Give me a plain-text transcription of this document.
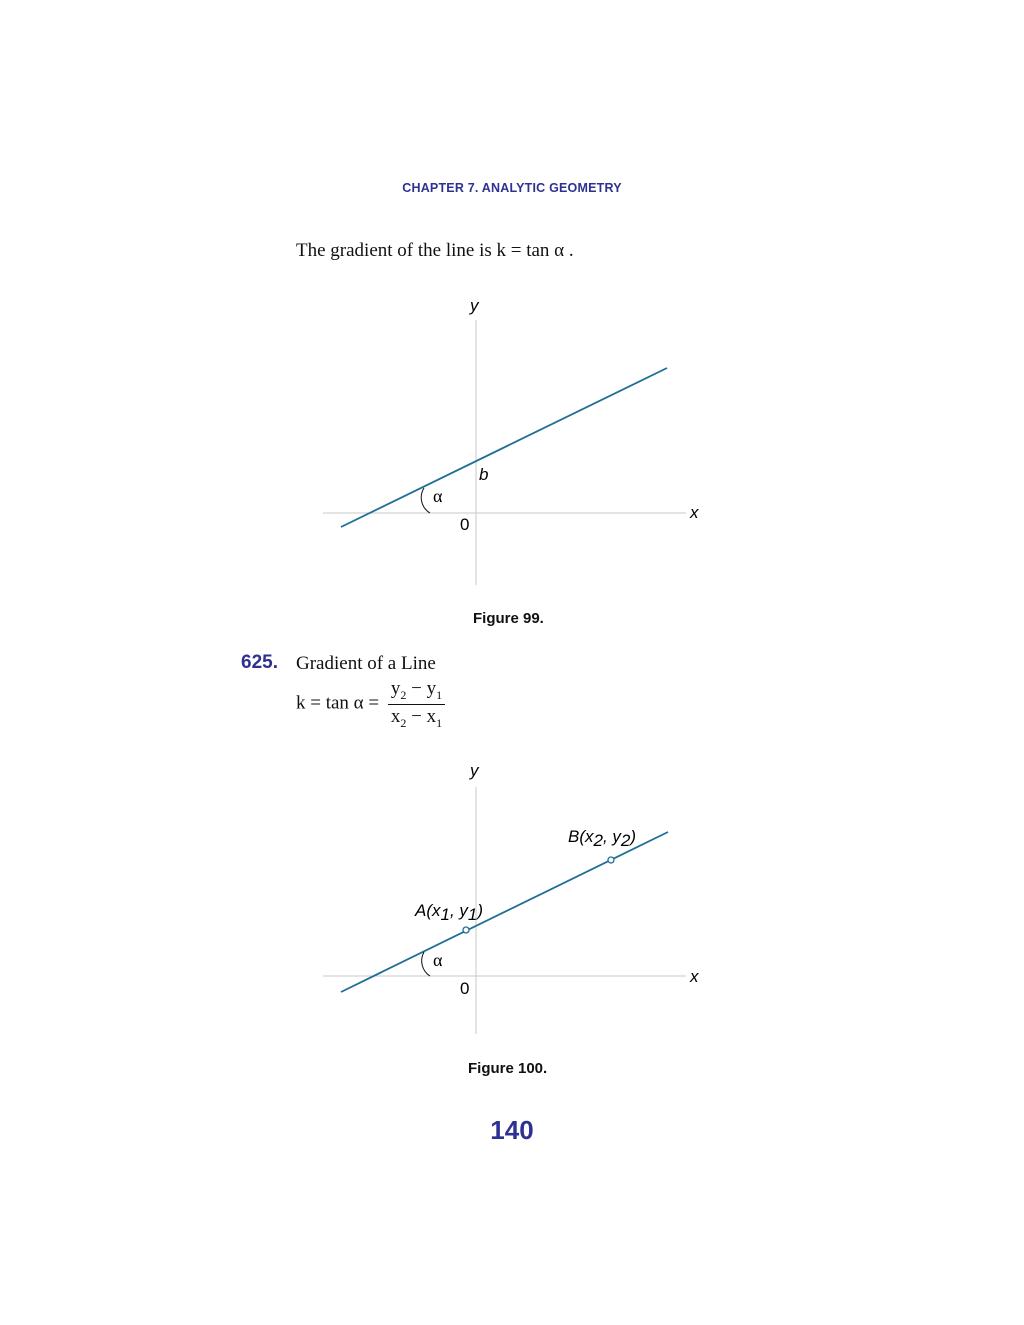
CHAPTER 7. ANALYTIC GEOMETRY
The gradient of the line is k = tan α .
y
x
0
b
α
Figure 99.
625. Gradient of a Line
$k = \tan \alpha = \frac{y_2 - y_1}{x_2 - x_1}$
y
x
0
α
A(x1, y1)
B(x2, y2)
Figure 100.
140
